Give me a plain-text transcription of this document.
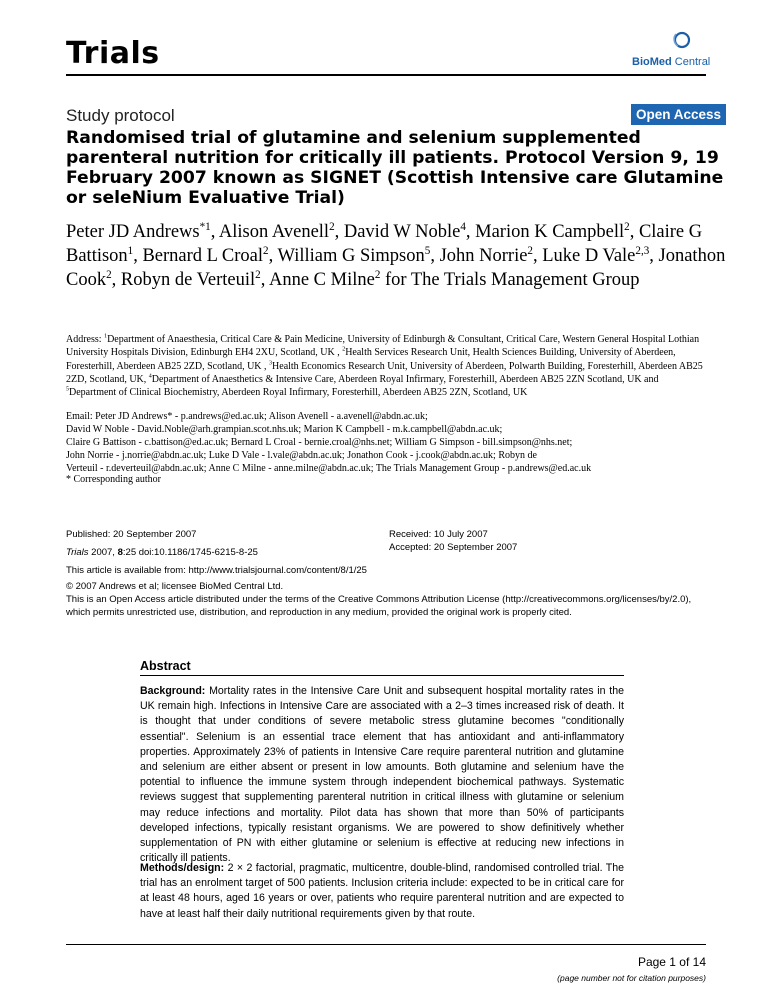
Trials	BioMed Central
Study protocol	Open Access
Randomised trial of glutamine and selenium supplemented parenteral nutrition for critically ill patients. Protocol Version 9, 19 February 2007 known as SIGNET (Scottish Intensive care Glutamine or seleNium Evaluative Trial)
Peter JD Andrews$^{*1}$, Alison Avenell$^2$, David W Noble$^4$, Marion K Campbell$^2$, Claire G Battison$^1$, Bernard L Croal$^2$, William G Simpson$^5$, John Norrie$^2$, Luke D Vale$^{2,3}$, Jonathon Cook$^2$, Robyn de Verteuil$^2$, Anne C Milne$^2$ for The Trials Management Group
Address: $^1$Department of Anaesthesia, Critical Care & Pain Medicine, University of Edinburgh & Consultant, Critical Care, Western General Hospital Lothian University Hospitals Division, Edinburgh EH4 2XU, Scotland, UK , $^2$Health Services Research Unit, Health Sciences Building, University of Aberdeen, Foresterhill, Aberdeen AB25 2ZD, Scotland, UK , $^3$Health Economics Research Unit, University of Aberdeen, Polwarth Building, Foresterhill, Aberdeen AB25 2ZD, Scotland, UK, $^4$Department of Anaesthetics & Intensive Care, Aberdeen Royal Infirmary, Foresterhill, Aberdeen AB25 2ZN Scotland, UK and $^5$Department of Clinical Biochemistry, Aberdeen Royal Infirmary, Foresterhill, Aberdeen AB25 2ZN, Scotland, UK
Email: Peter JD Andrews* - p.andrews@ed.ac.uk; Alison Avenell - a.avenell@abdn.ac.uk;
David W Noble - David.Noble@arh.grampian.scot.nhs.uk; Marion K Campbell - m.k.campbell@abdn.ac.uk;
Claire G Battison - c.battison@ed.ac.uk; Bernard L Croal - bernie.croal@nhs.net; William G Simpson - bill.simpson@nhs.net;
John Norrie - j.norrie@abdn.ac.uk; Luke D Vale - l.vale@abdn.ac.uk; Jonathon Cook - j.cook@abdn.ac.uk; Robyn de
Verteuil - r.deverteuil@abdn.ac.uk; Anne C Milne - anne.milne@abdn.ac.uk; The Trials Management Group - p.andrews@ed.ac.uk
* Corresponding author
Published: 20 September 2007
Trials 2007, 8:25 doi:10.1186/1745-6215-8-25
This article is available from: http://www.trialsjournal.com/content/8/1/25
Received: 10 July 2007
Accepted: 20 September 2007
© 2007 Andrews et al; licensee BioMed Central Ltd.
This is an Open Access article distributed under the terms of the Creative Commons Attribution License (http://creativecommons.org/licenses/by/2.0), which permits unrestricted use, distribution, and reproduction in any medium, provided the original work is properly cited.
Abstract
Background: Mortality rates in the Intensive Care Unit and subsequent hospital mortality rates in the UK remain high. Infections in Intensive Care are associated with a 2–3 times increased risk of death. It is thought that under conditions of severe metabolic stress glutamine becomes "conditionally essential". Selenium is an essential trace element that has antioxidant and anti-inflammatory properties. Approximately 23% of patients in Intensive Care require parenteral nutrition and glutamine and selenium are either absent or present in low amounts. Both glutamine and selenium have the potential to influence the immune system through independent biochemical pathways. Systematic reviews suggest that supplementing parenteral nutrition in critical illness with glutamine or selenium may reduce infections and mortality. Pilot data has shown that more than 50% of participants developed infections, typically resistant organisms. We are powered to show definitively whether supplementation of PN with either glutamine or selenium is effective at reducing new infections in critically ill patients.
Methods/design: 2 × 2 factorial, pragmatic, multicentre, double-blind, randomised controlled trial. The trial has an enrolment target of 500 patients. Inclusion criteria include: expected to be in critical care for at least 48 hours, aged 16 years or over, patients who require parenteral nutrition and are expected to have at least half their daily nutritional requirements given by that route.
Page 1 of 14
(page number not for citation purposes)
